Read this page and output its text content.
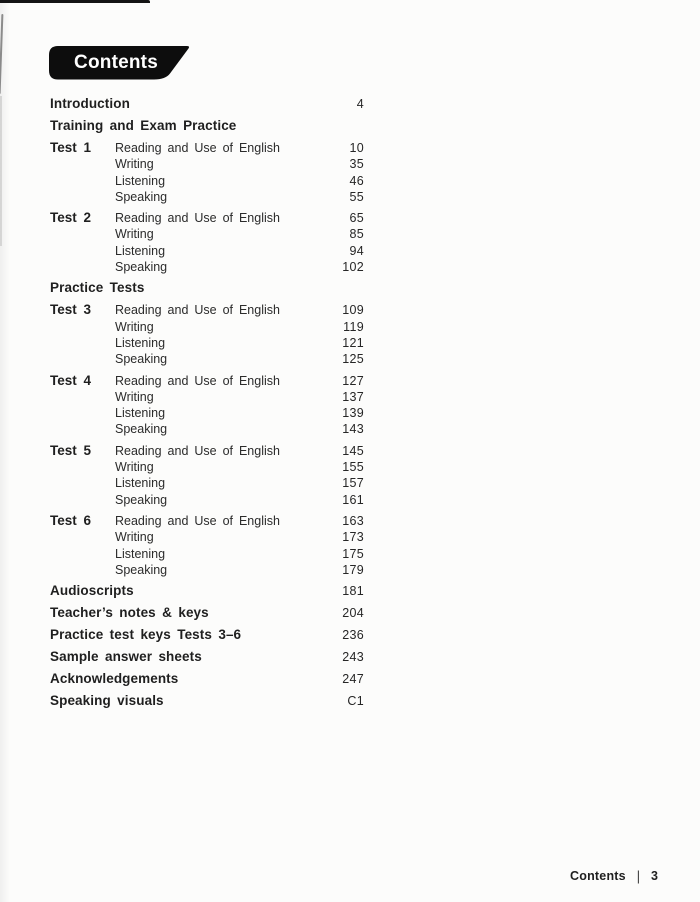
Contents
Introduction	4
Training and Exam Practice
Test 1	Reading and Use of English	10
Writing	35
Listening	46
Speaking	55
Test 2	Reading and Use of English	65
Writing	85
Listening	94
Speaking	102
Practice Tests
Test 3	Reading and Use of English	109
Writing	119
Listening	121
Speaking	125
Test 4	Reading and Use of English	127
Writing	137
Listening	139
Speaking	143
Test 5	Reading and Use of English	145
Writing	155
Listening	157
Speaking	161
Test 6	Reading and Use of English	163
Writing	173
Listening	175
Speaking	179
Audioscripts	181
Teacher’s notes & keys	204
Practice test keys Tests 3–6	236
Sample answer sheets	243
Acknowledgements	247
Speaking visuals	C1
Contents | 3
